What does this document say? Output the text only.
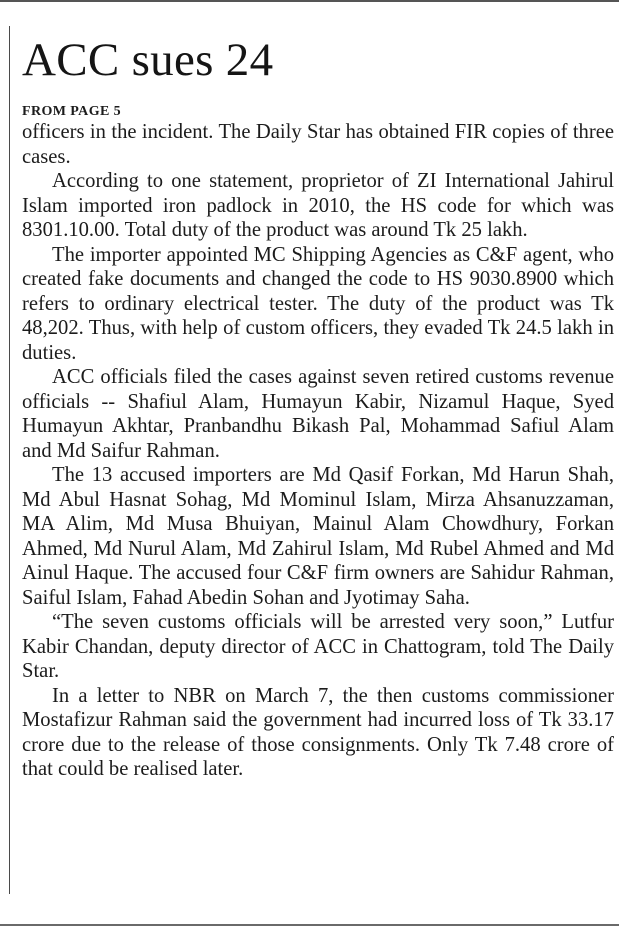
ACC sues 24
FROM PAGE 5

officers in the incident. The Daily Star has obtained FIR copies of three cases.

According to one statement, proprietor of ZI International Jahirul Islam imported iron padlock in 2010, the HS code for which was 8301.10.00. Total duty of the product was around Tk 25 lakh.

The importer appointed MC Shipping Agencies as C&F agent, who created fake documents and changed the code to HS 9030.8900 which refers to ordinary electrical tester. The duty of the product was Tk 48,202. Thus, with help of custom officers, they evaded Tk 24.5 lakh in duties.

ACC officials filed the cases against seven retired customs revenue officials -- Shafiul Alam, Humayun Kabir, Nizamul Haque, Syed Humayun Akhtar, Pranbandhu Bikash Pal, Mohammad Safiul Alam and Md Saifur Rahman.

The 13 accused importers are Md Qasif Forkan, Md Harun Shah, Md Abul Hasnat Sohag, Md Mominul Islam, Mirza Ahsanuzzaman, MA Alim, Md Musa Bhuiyan, Mainul Alam Chowdhury, Forkan Ahmed, Md Nurul Alam, Md Zahirul Islam, Md Rubel Ahmed and Md Ainul Haque. The accused four C&F firm owners are Sahidur Rahman, Saiful Islam, Fahad Abedin Sohan and Jyotimay Saha.

“The seven customs officials will be arrested very soon,” Lutfur Kabir Chandan, deputy director of ACC in Chattogram, told The Daily Star.

In a letter to NBR on March 7, the then customs commissioner Mostafizur Rahman said the government had incurred loss of Tk 33.17 crore due to the release of those consignments. Only Tk 7.48 crore of that could be realised later.
